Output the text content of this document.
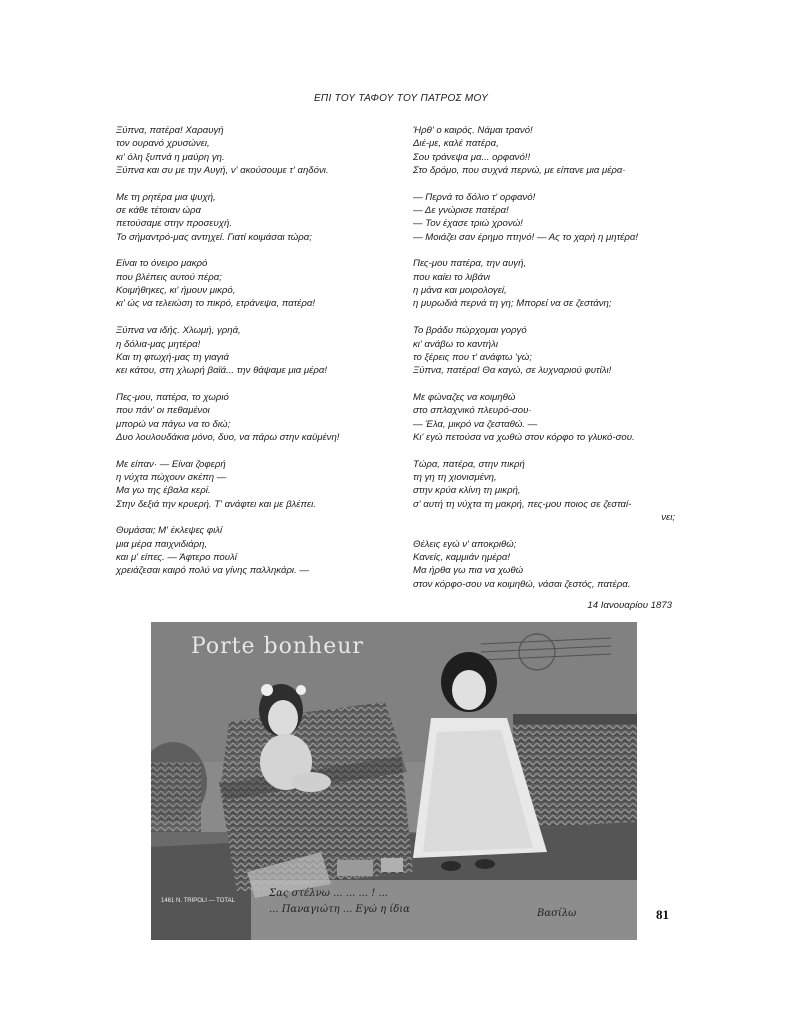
ΕΠΙ ΤΟΥ ΤΑΦΟΥ ΤΟΥ ΠΑΤΡΟΣ ΜΟΥ
Ξύπνα, πατέρα! Χαραυγή
τον ουρανό χρυσώνει,
κι' όλη ξυπνά η μαύρη γη.
Ξύπνα και συ με την Αυγή, ν' ακούσουμε τ' αηδόνι.
Με τη ρητέρα μια ψυχή,
σε κάθε τέτοιαν ώρα
πετούσαμε στην προσευχή.
Το σήμαντρό-μας αντηχεί. Γιατί κοιμάσαι τώρα;
Είναι το όνειρο μακρό
που βλέπεις αυτού πέρα;
Κοιμήθηκες, κι' ήμουν μικρό,
κι' ώς να τελειώση το πικρό, ετράνεψα, πατέρα!
Ξύπνα να ιδής. Χλωμή, γρηά,
η δόλια-μας μητέρα!
Και τη φτωχή-μας τη γιαγιά
κει κάτου, στη χλωρή βαϊά... την θάψαμε μια μέρα!
Πες-μου, πατέρα, το χωριό
που πάν' οι πεθαμένοι
μπορώ να πάγω να το διώ;
Δυο λουλουδάκια μόνο, δυο, να πάρω στην καϋμένη!
Με είπαν· — Είναι ζοφερή
η νύχτα πώχουν σκέπη —
Μα γω της έβαλα κερί.
Στην δεξιά την κρυερή. Τ' ανάφτει και με βλέπει.
Θυμάσαι; Μ' έκλεψες φιλί
μια μέρα παιχνιδιάρη,
και μ' είπες. — Άφτερο πουλί
χρειάζεσαι καιρό πολύ να γίνης παλληκάρι. —
Ήρθ' ο καιρός. Νάμαι τρανό!
Διέ-με, καλέ πατέρα,
Σου τράνεψα μα... ορφανό!!
Στο δρόμο, που συχνά περνώ, με είπανε μια μέρα·
— Περνά το δόλιο τ' ορφανό!
— Δε γνώρισε πατέρα!
— Τον έχασε τριώ χρονώ!
— Μοιάζει σαν έρημο πτηνό! — Ας το χαρή η μητέρα!
Πες-μου πατέρα, την αυγή,
που καίει το λιβάνι
η μάνα και μοιρολογεί,
η μυρωδιά περνά τη γη; Μπορεί να σε ζεστάνη;
Το βράδυ πώρχομαι γοργό
κι' ανάβω το καντήλι
το ξέρεις που τ' ανάφτω 'γώ;
Ξύπνα, πατέρα! Θα καγώ, σε λυχναριού φυτίλι!
Με φώναζες να κοιμηθώ
στο σπλαχνικό πλευρό-σου·
— Έλα, μικρό να ζεσταθώ. —
Κι' εγώ πετούσα να χωθώ στον κόρφο το γλυκό-σου.
Τώρα, πατέρα, στην πικρή
τη γη τη χιονισμένη,
στην κρύα κλίνη τη μικρή,
σ' αυτή τη νύχτα τη μακρή, πες-μου ποιος σε ζεσταί-
νει;
Θέλεις εγώ ν' αποκριθώ;
Κανείς, καμμιάν ημέρα!
Μα ήρθα γω πια να χωθώ
στον κόρφο-σου να κοιμηθώ, νάσαι ζεστός, πατέρα.
14 Ιανουαρίου 1873
Porte bonheur
1461 N. TRIPOLI — TOTAL
Σας στέλνω ... ... ... ! ...
... Παναγιώτη ... Εγώ η ίδια	Βασίλω	81
